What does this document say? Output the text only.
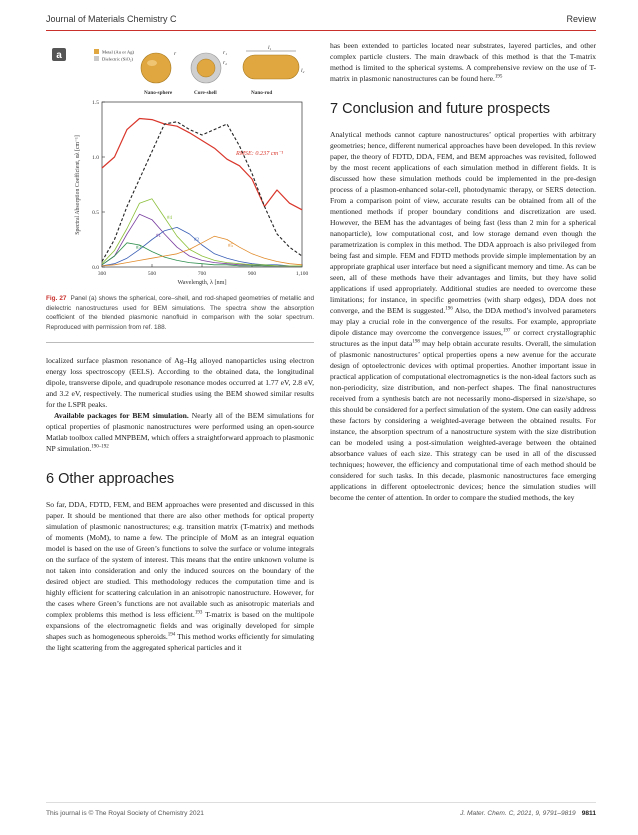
Journal of Materials Chemistry C	Review
a	Metal (Au or Ag)
Dielectric (SiO₂)
r	r₁
r₂
l₁
l₂
Nano-sphere	Core-shell	Nano-rod
300	500	700	900	1,100
0.0
0.5
1.0
1.5
RMSE: 0.237 cm⁻¹
#4
#1
#2
#3	#5
Wavelength, λ [nm]
Spectral Absorption Coefficient, αλ [cm⁻¹]
Fig. 27 Panel (a) shows the spherical, core–shell, and rod-shaped geometries of metallic and dielectric nanostructures used for BEM simulations. The spectra show the absorption coefficient of the blended plasmonic nanofluid in comparison with the solar spectrum. Reproduced with permission from ref. 188.

localized surface plasmon resonance of Ag–Hg alloyed nanoparticles using electron energy loss spectroscopy (EELS). According to the obtained data, the longitudinal dipole, transverse dipole, and quadrupole resonance modes occurred at 1.77 eV, 2.8 eV, and 3.2 eV, respectively. The numerical studies using the BEM showed similar results for the LSPR peaks.

Available packages for BEM simulation. Nearly all of the BEM simulations for optical properties of plasmonic nanostructures were performed using an open-source Matlab toolbox called MNPBEM, which offers a straightforward approach to plasmonic NP simulation.$^{190-192}$

6 Other approaches

So far, DDA, FDTD, FEM, and BEM approaches were presented and discussed in this paper. It should be mentioned that there are also other methods for optical property simulation of plasmonic nanostructures; e.g. transition matrix (T-matrix) and methods of moments (MoM), to name a few. The principle of MoM as an integral equation model is based on the use of Green’s functions to solve the surface or volume integrals on the surface of the system of interest. This means that the entire unknown volume is not taken into consideration and only the induced sources on the boundary of the desired object are studied. This methodology reduces the computation time and is highly efficient for scattering calculation in an anisotropic nanostructure. However, for the cases where Green’s functions are not available such as anisotropic materials and complex problems this method is less efficient.$^{193}$ T-matrix is based on the multipole expansions of the electromagnetic fields and was originally developed for simple shapes such as homogeneous spheroids.$^{194}$ This method works efficiently for simulating the light scattering from the aggregated spherical particles and it

has been extended to particles located near substrates, layered particles, and other complex particle clusters. The main drawback of this method is that the T-matrix method is limited to the spherical systems. A comprehensive review on the use of T-matrix in plasmonic nanostructures can be found here.$^{195}$

7 Conclusion and future prospects

Analytical methods cannot capture nanostructures’ optical properties with arbitrary geometries; hence, different numerical approaches have been developed. In this review paper, the theory of FDTD, DDA, FEM, and BEM approaches was revisited, followed by the most recent applications of each simulation method in different fields. It is discussed how these simulation methods could be implemented in the pre-design process of a plasmon-enhanced solar-cell, photodynamic therapy, or SERS detection. From a comparison point of view, accurate results can be obtained from all of the mentioned methods if proper boundary conditions and discretization are used. However, the BEM has the advantages of being fast (less than 2 min for a spherical nanoparticle), low computational cost, and low storage demand even though the parametrization is complex in this method. The DDA approach is also privileged from being fast and simple. FEM and FDTD methods provide simple implementation by an appropriate graphical user interface but need a significant memory and time. As can be seen, all of these methods have their advantages and limits, but they have solid applications if used appropriately. Additional studies are needed to overcome these limitations; for instance, in specific geometries (with sharp edges), DDA does not converge, and the BEM is suggested.$^{196}$ Also, the DDA method’s involved parameters may play a crucial role in the convergence of the results. For example, appropriate dipole distance may overcome the convergence issues,$^{197}$ or correct crystallographic structures as the input data$^{198}$ may help obtain accurate results. Overall, the simulation of plasmonic nanostructures’ optical properties opens a new avenue for the accurate design of optoelectronic devices with optimal properties. Another important issue in practical application of computational electromagnetics is the non-ideal factors such as non-periodicity, size distribution, and non-perfect shapes. The final nanostructures received from a synthesis batch are not necessarily mono-dispersed in size/shape, so this should be considered for a perfect simulation of the system. One can easily address these factors by considering a weighted-average between the obtained results. For instance, the absorption spectrum of a nanostructure system with the size distribution can be modeled using a post-simulation weighted-average between the obtained absorbance values of each size. This strategy can be used in all of the discussed techniques; however, the efficiency and computational time of each method should be considered for such tasks. In this decade, plasmonic nanostructures face emerging applications in different optoelectronic devices; hence the simulation studies will become the center of attention. In order to compare the studied methods, the key

This journal is © The Royal Society of Chemistry 2021	J. Mater. Chem. C, 2021, 9, 9791–9819 9811
